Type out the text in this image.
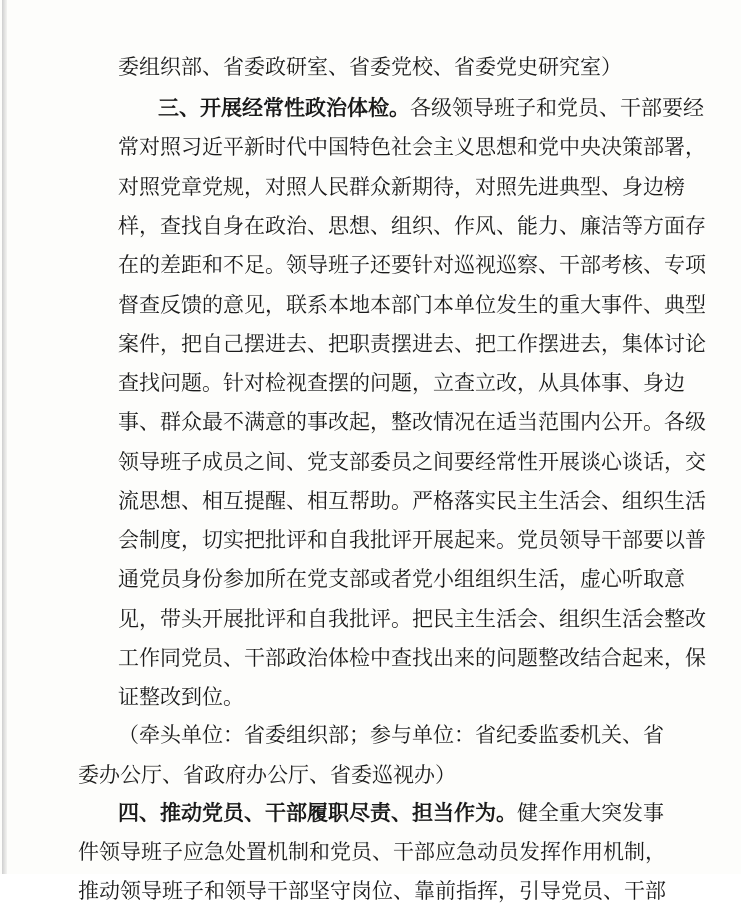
委组织部、省委政研室、省委党校、省委党史研究室）
三、开展经常性政治体检。各级领导班子和党员、干部要经
常对照习近平新时代中国特色社会主义思想和党中央决策部署，
对照党章党规，对照人民群众新期待，对照先进典型、身边榜
样，查找自身在政治、思想、组织、作风、能力、廉洁等方面存
在的差距和不足。领导班子还要针对巡视巡察、干部考核、专项
督查反馈的意见，联系本地本部门本单位发生的重大事件、典型
案件，把自己摆进去、把职责摆进去、把工作摆进去，集体讨论
查找问题。针对检视查摆的问题，立查立改，从具体事、身边
事、群众最不满意的事改起，整改情况在适当范围内公开。各级
领导班子成员之间、党支部委员之间要经常性开展谈心谈话，交
流思想、相互提醒、相互帮助。严格落实民主生活会、组织生活
会制度，切实把批评和自我批评开展起来。党员领导干部要以普
通党员身份参加所在党支部或者党小组组织生活，虚心听取意
见，带头开展批评和自我批评。把民主生活会、组织生活会整改
工作同党员、干部政治体检中查找出来的问题整改结合起来，保
证整改到位。
（牵头单位：省委组织部；参与单位：省纪委监委机关、省
委办公厅、省政府办公厅、省委巡视办）
四、推动党员、干部履职尽责、担当作为。健全重大突发事
件领导班子应急处置机制和党员、干部应急动员发挥作用机制，
推动领导班子和领导干部坚守岗位、靠前指挥，引导党员、干部
